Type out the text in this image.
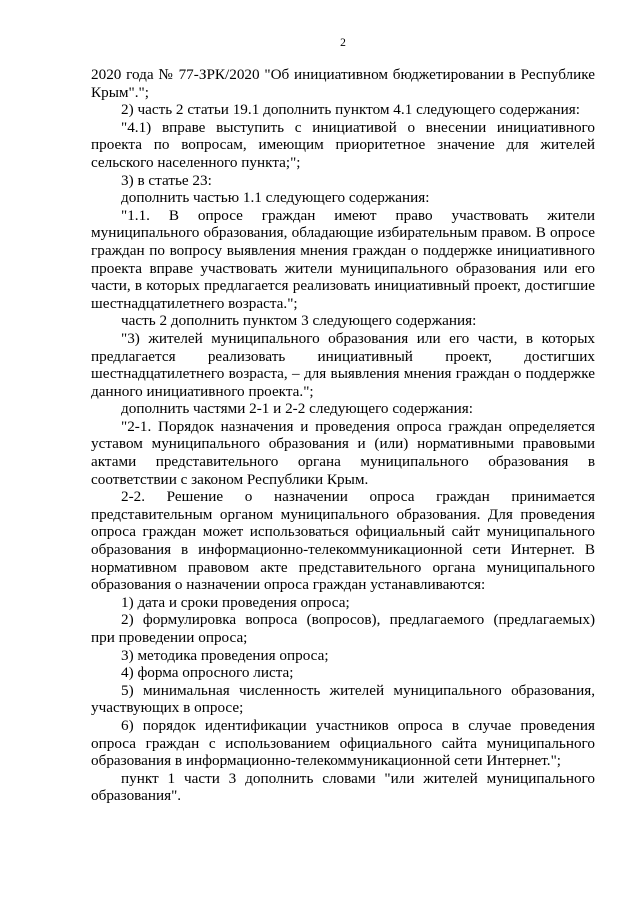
2

2020 года № 77-ЗРК/2020 "Об инициативном бюджетировании в Республике Крым".";

2) часть 2 статьи 19.1 дополнить пунктом 4.1 следующего содержания:

"4.1) вправе выступить с инициативой о внесении инициативного проекта по вопросам, имеющим приоритетное значение для жителей сельского населенного пункта;";

3) в статье 23:

дополнить частью 1.1 следующего содержания:

"1.1. В опросе граждан имеют право участвовать жители муниципального образования, обладающие избирательным правом. В опросе граждан по вопросу выявления мнения граждан о поддержке инициативного проекта вправе участвовать жители муниципального образования или его части, в которых предлагается реализовать инициативный проект, достигшие шестнадцатилетнего возраста.";

часть 2 дополнить пунктом 3 следующего содержания:

"3) жителей муниципального образования или его части, в которых предлагается реализовать инициативный проект, достигших шестнадцатилетнего возраста, – для выявления мнения граждан о поддержке данного инициативного проекта.";

дополнить частями 2-1 и 2-2 следующего содержания:

"2-1. Порядок назначения и проведения опроса граждан определяется уставом муниципального образования и (или) нормативными правовыми актами представительного органа муниципального образования в соответствии с законом Республики Крым.

2-2. Решение о назначении опроса граждан принимается представительным органом муниципального образования. Для проведения опроса граждан может использоваться официальный сайт муниципального образования в информационно-телекоммуникационной сети Интернет. В нормативном правовом акте представительного органа муниципального образования о назначении опроса граждан устанавливаются:

1) дата и сроки проведения опроса;

2) формулировка вопроса (вопросов), предлагаемого (предлагаемых) при проведении опроса;

3) методика проведения опроса;

4) форма опросного листа;

5) минимальная численность жителей муниципального образования, участвующих в опросе;

6) порядок идентификации участников опроса в случае проведения опроса граждан с использованием официального сайта муниципального образования в информационно-телекоммуникационной сети Интернет.";

пункт 1 части 3 дополнить словами "или жителей муниципального образования".
